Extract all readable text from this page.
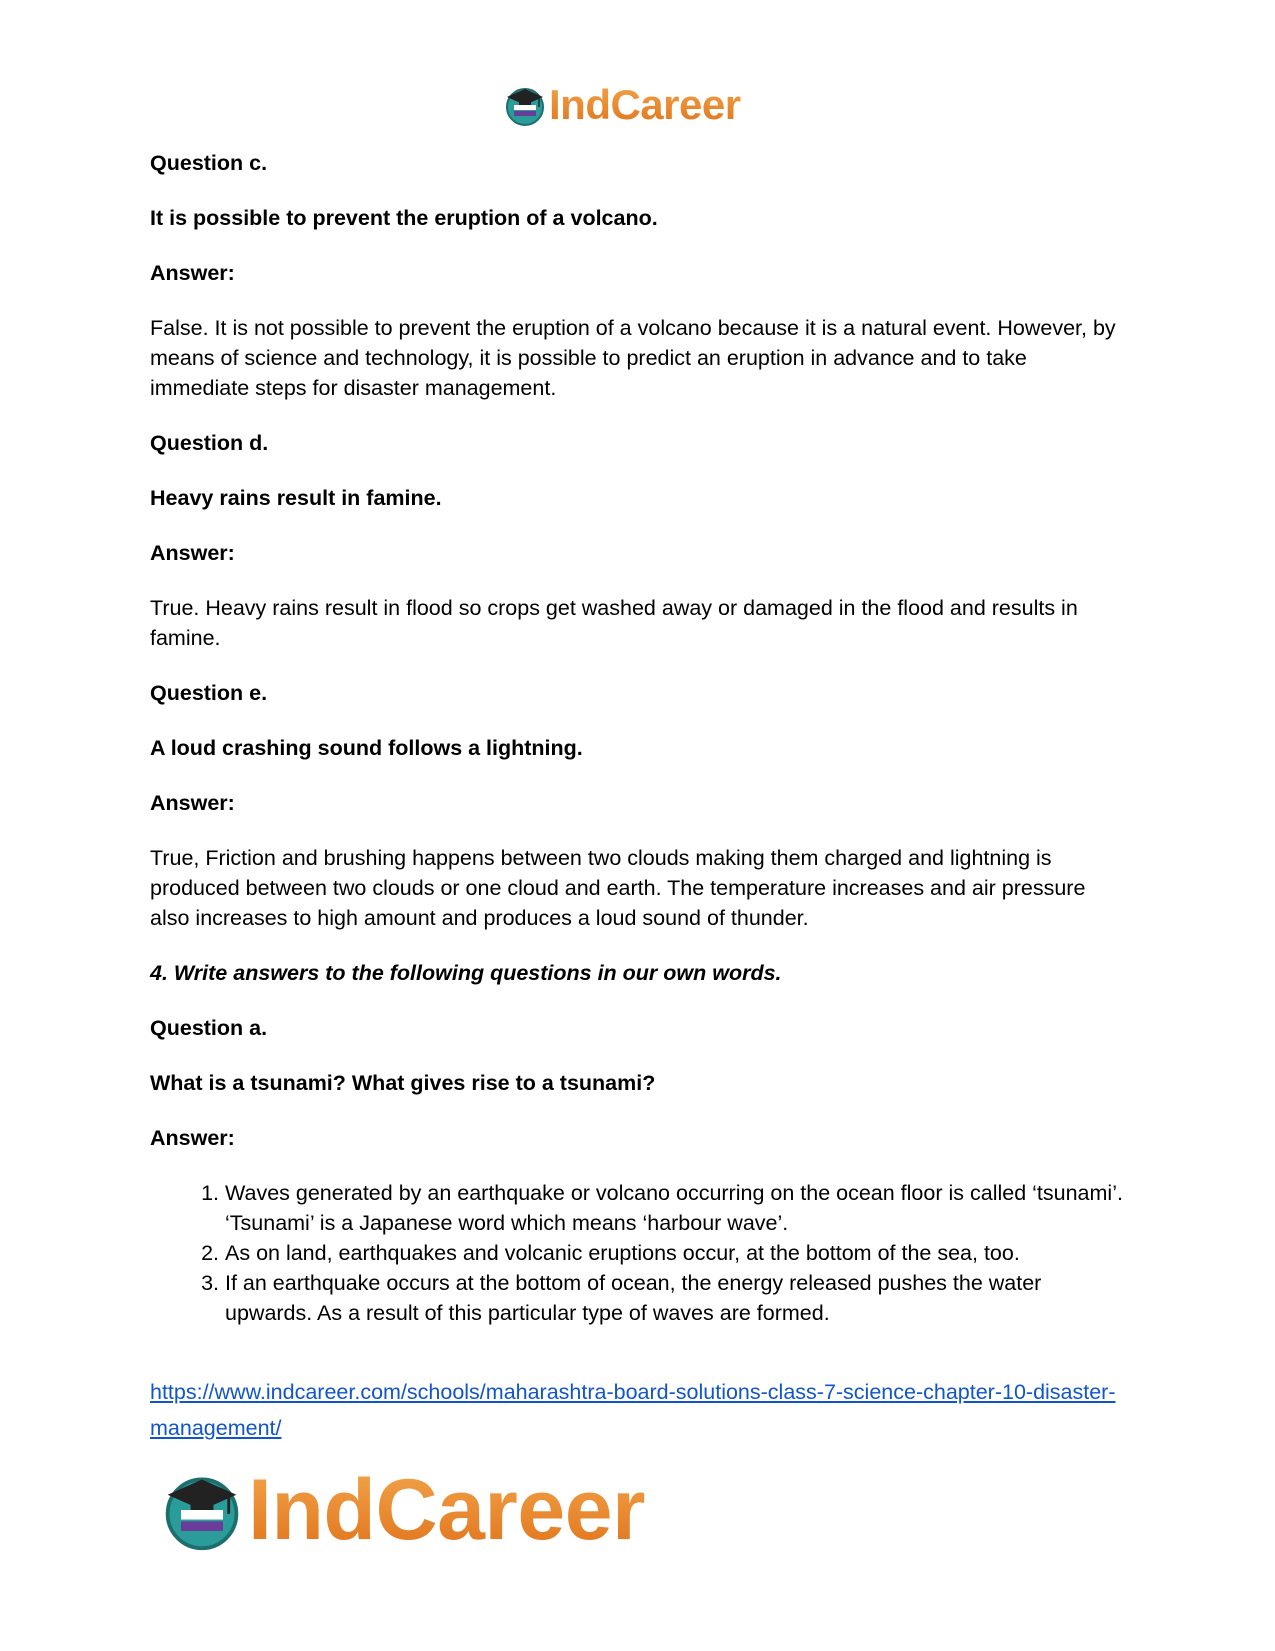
IndCareer

Question c.

It is possible to prevent the eruption of a volcano.

Answer:

False. It is not possible to prevent the eruption of a volcano because it is a natural event. However, by means of science and technology, it is possible to predict an eruption in advance and to take immediate steps for disaster management.

Question d.

Heavy rains result in famine.

Answer:

True. Heavy rains result in flood so crops get washed away or damaged in the flood and results in famine.

Question e.

A loud crashing sound follows a lightning.

Answer:

True, Friction and brushing happens between two clouds making them charged and lightning is produced between two clouds or one cloud and earth. The temperature increases and air pressure also increases to high amount and produces a loud sound of thunder.

4. Write answers to the following questions in our own words.

Question a.

What is a tsunami? What gives rise to a tsunami?

Answer:

1. Waves generated by an earthquake or volcano occurring on the ocean floor is called ‘tsunami’. ‘Tsunami’ is a Japanese word which means ‘harbour wave’.
2. As on land, earthquakes and volcanic eruptions occur, at the bottom of the sea, too.
3. If an earthquake occurs at the bottom of ocean, the energy released pushes the water upwards. As a result of this particular type of waves are formed.
https://www.indcareer.com/schools/maharashtra-board-solutions-class-7-science-chapter-10-disaster-management/
IndCareer
